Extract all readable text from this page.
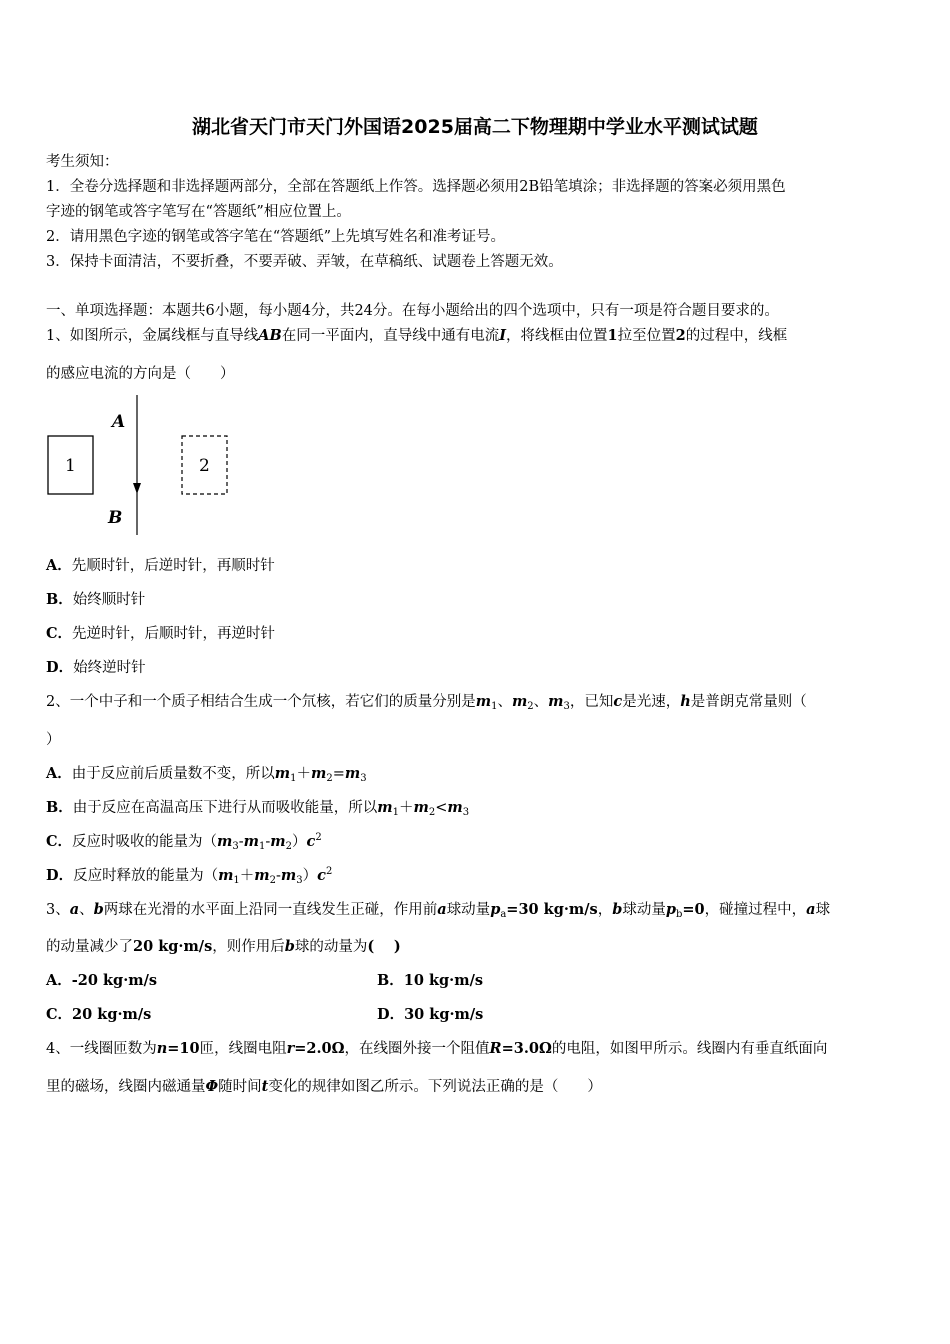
湖北省天门市天门外国语2025届高二下物理期中学业水平测试试题
考生须知：
1．全卷分选择题和非选择题两部分，全部在答题纸上作答。选择题必须用2B铅笔填涂；非选择题的答案必须用黑色
字迹的钢笔或答字笔写在“答题纸”相应位置上。
2．请用黑色字迹的钢笔或答字笔在“答题纸”上先填写姓名和准考证号。
3．保持卡面清洁，不要折叠，不要弄破、弄皱，在草稿纸、试题卷上答题无效。
一、单项选择题：本题共6小题，每小题4分，共24分。在每小题给出的四个选项中，只有一项是符合题目要求的。
1、如图所示，金属线框与直导线AB在同一平面内，直导线中通有电流I，将线框由位置1拉至位置2的过程中，线框
的感应电流的方向是（　　）
A
B
1	2
A．先顺时针，后逆时针，再顺时针
B．始终顺时针
C．先逆时针，后顺时针，再逆时针
D．始终逆时针
2、一个中子和一个质子相结合生成一个氘核，若它们的质量分别是$m_1$、$m_2$、$m_3$，已知c是光速，h是普朗克常量则（
）
A．由于反应前后质量数不变，所以$m_1+m_2=m_3$
B．由于反应在高温高压下进行从而吸收能量，所以$m_1+m_2<m_3$
C．反应时吸收的能量为$(m_3-m_1-m_2)c^2$
D．反应时释放的能量为$(m_1+m_2-m_3)c^2$
3、a、b两球在光滑的水平面上沿同一直线发生正碰，作用前a球动量$p_a=30$ kg·m/s，b球动量$p_b=0$，碰撞过程中，a球
的动量减少了20 kg·m/s，则作用后b球的动量为(　 )
A．-20 kg·m/s	B．10 kg·m/s
C．20 kg·m/s	D．30 kg·m/s
4、一线圈匝数为n=10匝，线圈电阻r=2.0Ω，在线圈外接一个阻值R=3.0Ω的电阻，如图甲所示。线圈内有垂直纸面向
里的磁场，线圈内磁通量Φ随时间t变化的规律如图乙所示。下列说法正确的是（　　）
